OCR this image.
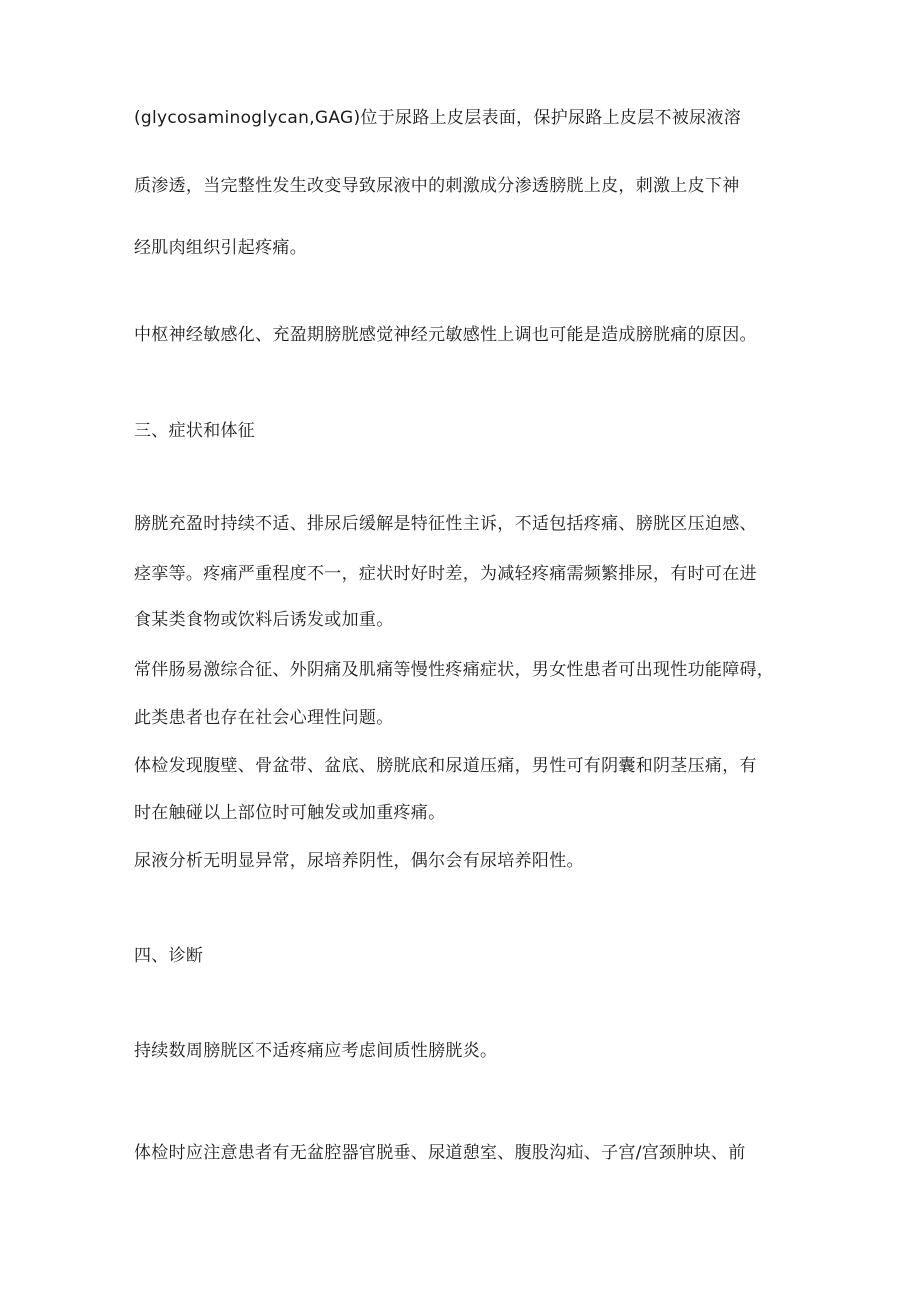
(glycosaminoglycan,GAG)位于尿路上皮层表面，保护尿路上皮层不被尿液溶
质渗透，当完整性发生改变导致尿液中的刺激成分渗透膀胱上皮，刺激上皮下神
经肌肉组织引起疼痛。
中枢神经敏感化、充盈期膀胱感觉神经元敏感性上调也可能是造成膀胱痛的原因。
三、症状和体征
膀胱充盈时持续不适、排尿后缓解是特征性主诉，不适包括疼痛、膀胱区压迫感、
痉挛等。疼痛严重程度不一，症状时好时差，为减轻疼痛需频繁排尿，有时可在进
食某类食物或饮料后诱发或加重。
常伴肠易激综合征、外阴痛及肌痛等慢性疼痛症状，男女性患者可出现性功能障碍，
此类患者也存在社会心理性问题。
体检发现腹壁、骨盆带、盆底、膀胱底和尿道压痛，男性可有阴囊和阴茎压痛，有
时在触碰以上部位时可触发或加重疼痛。
尿液分析无明显异常，尿培养阴性，偶尔会有尿培养阳性。
四、诊断
持续数周膀胱区不适疼痛应考虑间质性膀胱炎。
体检时应注意患者有无盆腔器官脱垂、尿道憩室、腹股沟疝、子宫/宫颈肿块、前
